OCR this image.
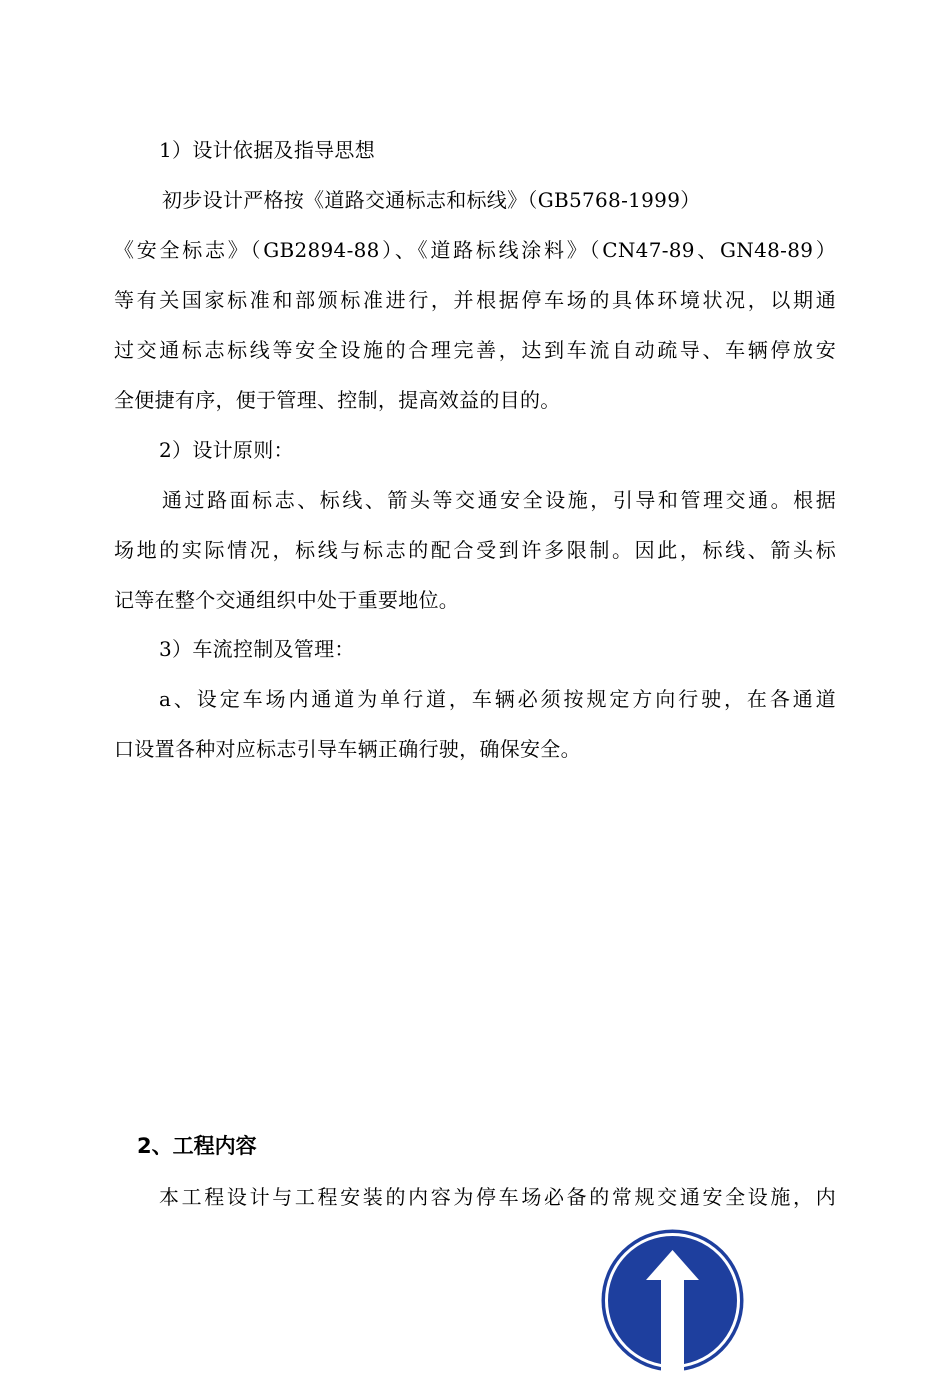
1）设计依据及指导思想
初步设计严格按《道路交通标志和标线》（GB5768-1999）
《安全标志》（GB2894-88）、《道路标线涂料》（CN47-89、GN48-89）
等有关国家标准和部颁标准进行，并根据停车场的具体环境状况，以期通
过交通标志标线等安全设施的合理完善，达到车流自动疏导、车辆停放安
全便捷有序，便于管理、控制，提高效益的目的。
2）设计原则：
通过路面标志、标线、箭头等交通安全设施，引导和管理交通。根据
场地的实际情况，标线与标志的配合受到许多限制。因此，标线、箭头标
记等在整个交通组织中处于重要地位。
3）车流控制及管理：
a、设定车场内通道为单行道，车辆必须按规定方向行驶，在各通道
口设置各种对应标志引导车辆正确行驶，确保安全。
2、工程内容
本工程设计与工程安装的内容为停车场必备的常规交通安全设施，内
